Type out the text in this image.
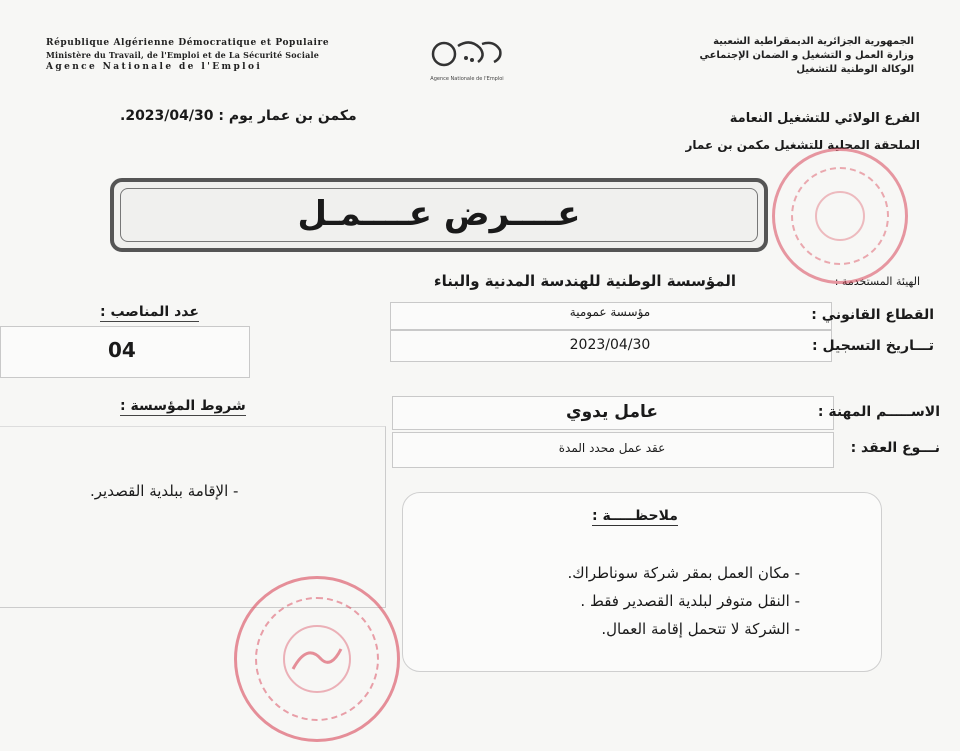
République Algérienne Démocratique et Populaire
Ministère du Travail, de l'Emploi et de La Sécurité Sociale
Agence Nationale de l'Emploi
الجمهورية الجزائرية الديمقراطية الشعبية
وزارة العمل و التشغيل و الضمان الإجتماعي
الوكالة الوطنية للتشغيل
Agence Nationale de l'Emploi
مكمن بن عمار يوم : 2023/04/30.	الفرع الولائي للتشغيل النعامة
الملحقة المحلية للتشغيل مكمن بن عمار
عــــرض عــــمـل
الهيئة المستخدمة :
المؤسسة الوطنية للهندسة المدنية والبناء
القطاع القانوني :
مؤسسة عمومية
تـــاريخ التسجيل :
2023/04/30
عدد المناصب :
04
الاســـــم المهنة :
عامل يدوي
نـــوع العقد :
عقد عمل محدد المدة
شروط المؤسسة :
- الإقامة ببلدية القصدير.
ملاحظـــــة :
- مكان العمل بمقر شركة سوناطراك.
- النقل متوفر لبلدية القصدير فقط .
- الشركة لا تتحمل إقامة العمال.
